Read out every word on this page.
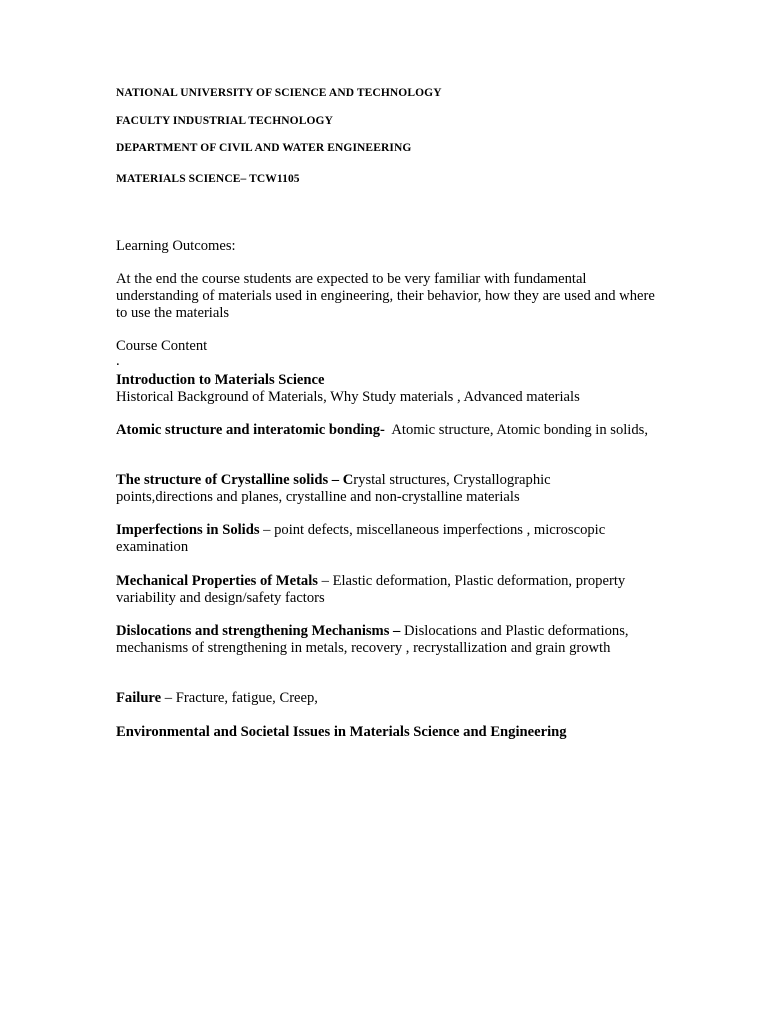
NATIONAL UNIVERSITY OF SCIENCE AND TECHNOLOGY
FACULTY INDUSTRIAL TECHNOLOGY
DEPARTMENT OF CIVIL AND WATER ENGINEERING
MATERIALS SCIENCE– TCW1105
Learning Outcomes:
At the end the course students are expected to be very familiar with fundamental understanding of materials used in engineering, their behavior, how they are used and where to use the materials
Course Content
.
Introduction to Materials Science
Historical Background of Materials, Why Study materials , Advanced materials
Atomic structure and interatomic bonding-  Atomic structure, Atomic bonding in solids,
The structure of Crystalline solids – Crystal structures, Crystallographic points,directions and planes, crystalline and non-crystalline materials
Imperfections in Solids – point defects, miscellaneous imperfections , microscopic examination
Mechanical Properties of Metals – Elastic deformation, Plastic deformation, property variability and design/safety factors
Dislocations and strengthening Mechanisms – Dislocations and Plastic deformations, mechanisms of strengthening in metals, recovery , recrystallization and grain growth
Failure – Fracture, fatigue, Creep,
Environmental and Societal Issues in Materials Science and Engineering
